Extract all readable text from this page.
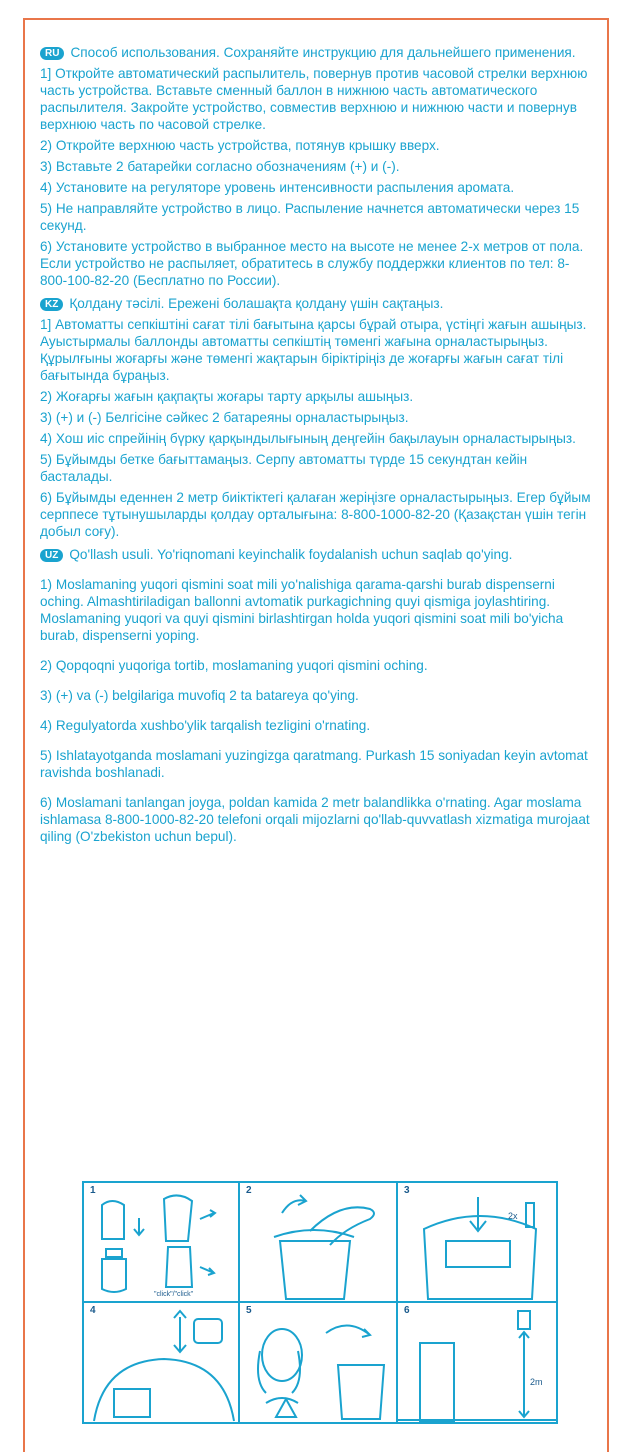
RU Способ использования. Сохраняйте инструкцию для дальнейшего применения.

1] Откройте автоматический распылитель, повернув против часовой стрелки верхнюю часть устройства. Вставьте сменный баллон в нижнюю часть автоматического распылителя. Закройте устройство, совместив верхнюю и нижнюю части и повернув верхнюю часть по часовой стрелке.

2) Откройте верхнюю часть устройства, потянув крышку вверх.

3) Вставьте 2 батарейки согласно обозначениям (+) и (-).

4) Установите на регуляторе уровень интенсивности распыления аромата.

5) Не направляйте устройство в лицо. Распыление начнется автоматически через 15 секунд.

6) Установите устройство в выбранное место на высоте не менее 2-х метров от пола. Если устройство не распыляет, обратитесь в службу поддержки клиентов по тел: 8-800-100-82-20 (Бесплатно по России).

KZ Қолдану тәсілі. Ережені болашақта қолдану үшін сақтаңыз.

1] Автоматты сепкіштіні сағат тілі бағытына қарсы бұрай отыра, үстіңгі жағын ашыңыз. Ауыстырмалы баллонды автоматты сепкіштің төменгі жағына орналастырыңыз. Құрылғыны жоғарғы және төменгі жақтарын біріктіріңіз де жоғарғы жағын сағат тілі бағытында бұраңыз.

2) Жоғарғы жағын қақпақты жоғары тарту арқылы ашыңыз.

3) (+) и (-) Белгісіне сәйкес 2 батареяны орналастырыңыз.

4) Хош иіс спрейінің бүрку қарқындылығының деңгейін бақылауын орналастырыңыз.

5) Бұйымды бетке бағыттамаңыз. Серпу автоматты түрде 15 секундтан кейін басталады.

6) Бұйымды еденнен 2 метр биіктіктегі қалаған жеріңізге орналастырыңыз. Егер бұйым серппесе тұтынушыларды қолдау орталығына: 8-800-1000-82-20 (Қазақстан үшін тегін добыл соғу).

UZ Qo'llash usuli. Yo'riqnomani keyinchalik foydalanish uchun saqlab qo'ying.

1) Moslamaning yuqori qismini soat mili yo'nalishiga qarama-qarshi burab dispenserni oching. Almashtiriladigan ballonni avtomatik purkagichning quyi qismiga joylashtiring. Moslamaning yuqori va quyi qismini birlashtirgan holda yuqori qismini soat mili bo'yicha burab, dispenserni yoping.

2) Qopqoqni yuqoriga tortib, moslamaning yuqori qismini oching.

3) (+) va (-) belgilariga muvofiq 2 ta batareya qo'ying.

4) Regulyatorda xushbo'ylik tarqalish tezligini o'rnating.

5) Ishlatayotganda moslamani yuzingizga qaratmang. Purkash 15 soniyadan keyin avtomat ravishda boshlanadi.

6) Moslamani tanlangan joyga, poldan kamida 2 metr balandlikka o'rnating. Agar moslama ishlamasa 8-800-1000-82-20 telefoni orqali mijozlarni qo'llab-quvvatlash xizmatiga murojaat qiling (O'zbekiston uchun bepul).

1
"click"/"click"
2	3
2x
4	5	6
2m
